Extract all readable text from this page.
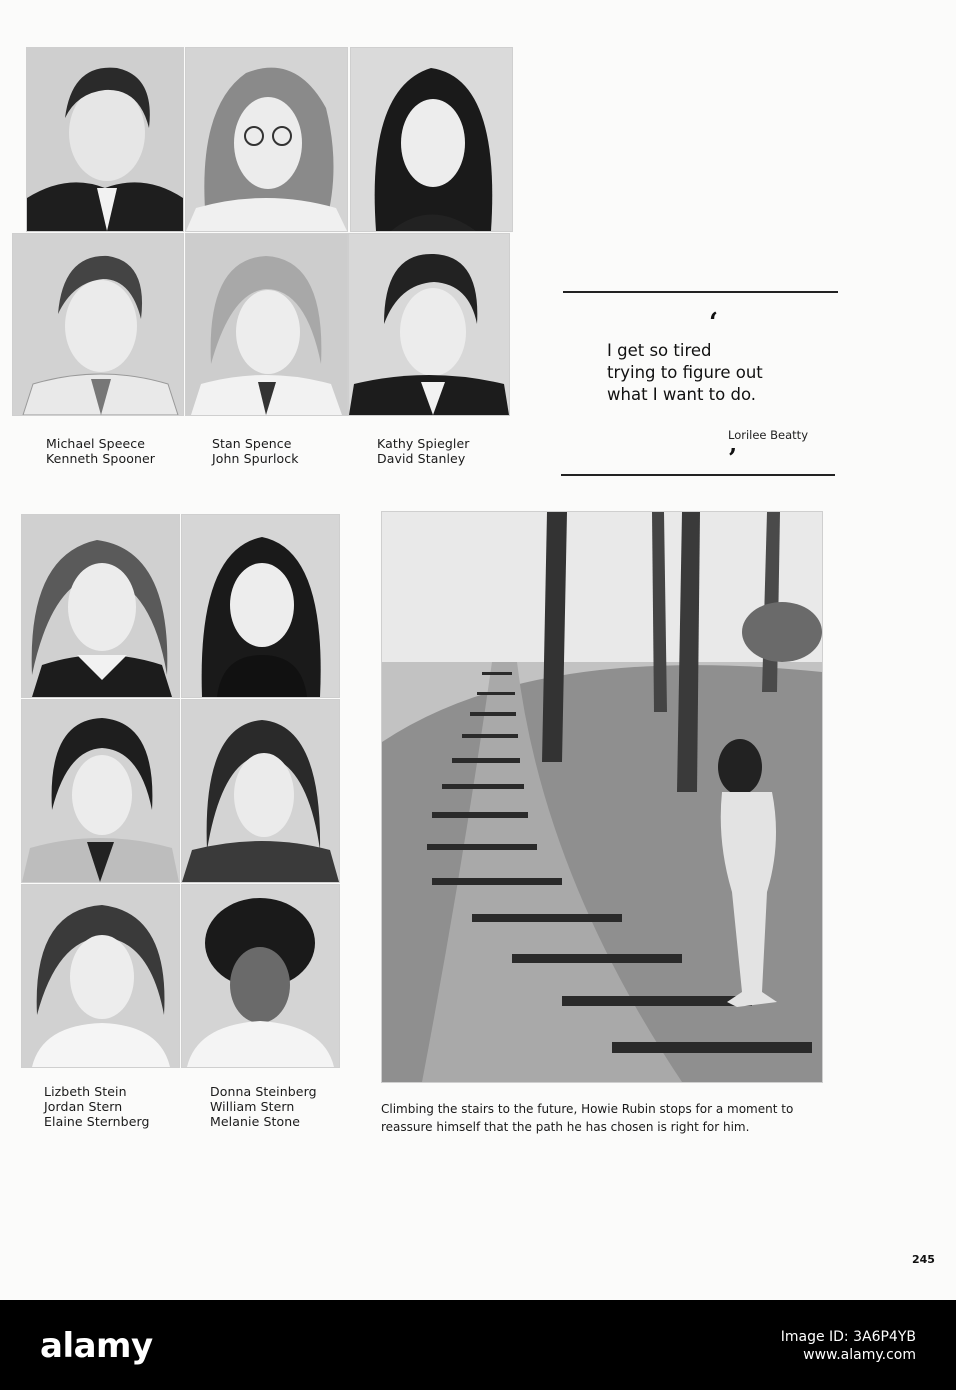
Michael Speece
Kenneth Spooner
Stan Spence
John Spurlock
Kathy Spiegler
David Stanley
‘
I get so tired
trying to figure out
what I want to do.
Lorilee Beatty
’
Lizbeth Stein
Jordan Stern
Elaine Sternberg
Donna Steinberg
William Stern
Melanie Stone
Climbing the stairs to the future, Howie Rubin stops for a moment to reassure himself that the path he has chosen is right for him.
245
alamy	Image ID: 3A6P4YB
www.alamy.com
